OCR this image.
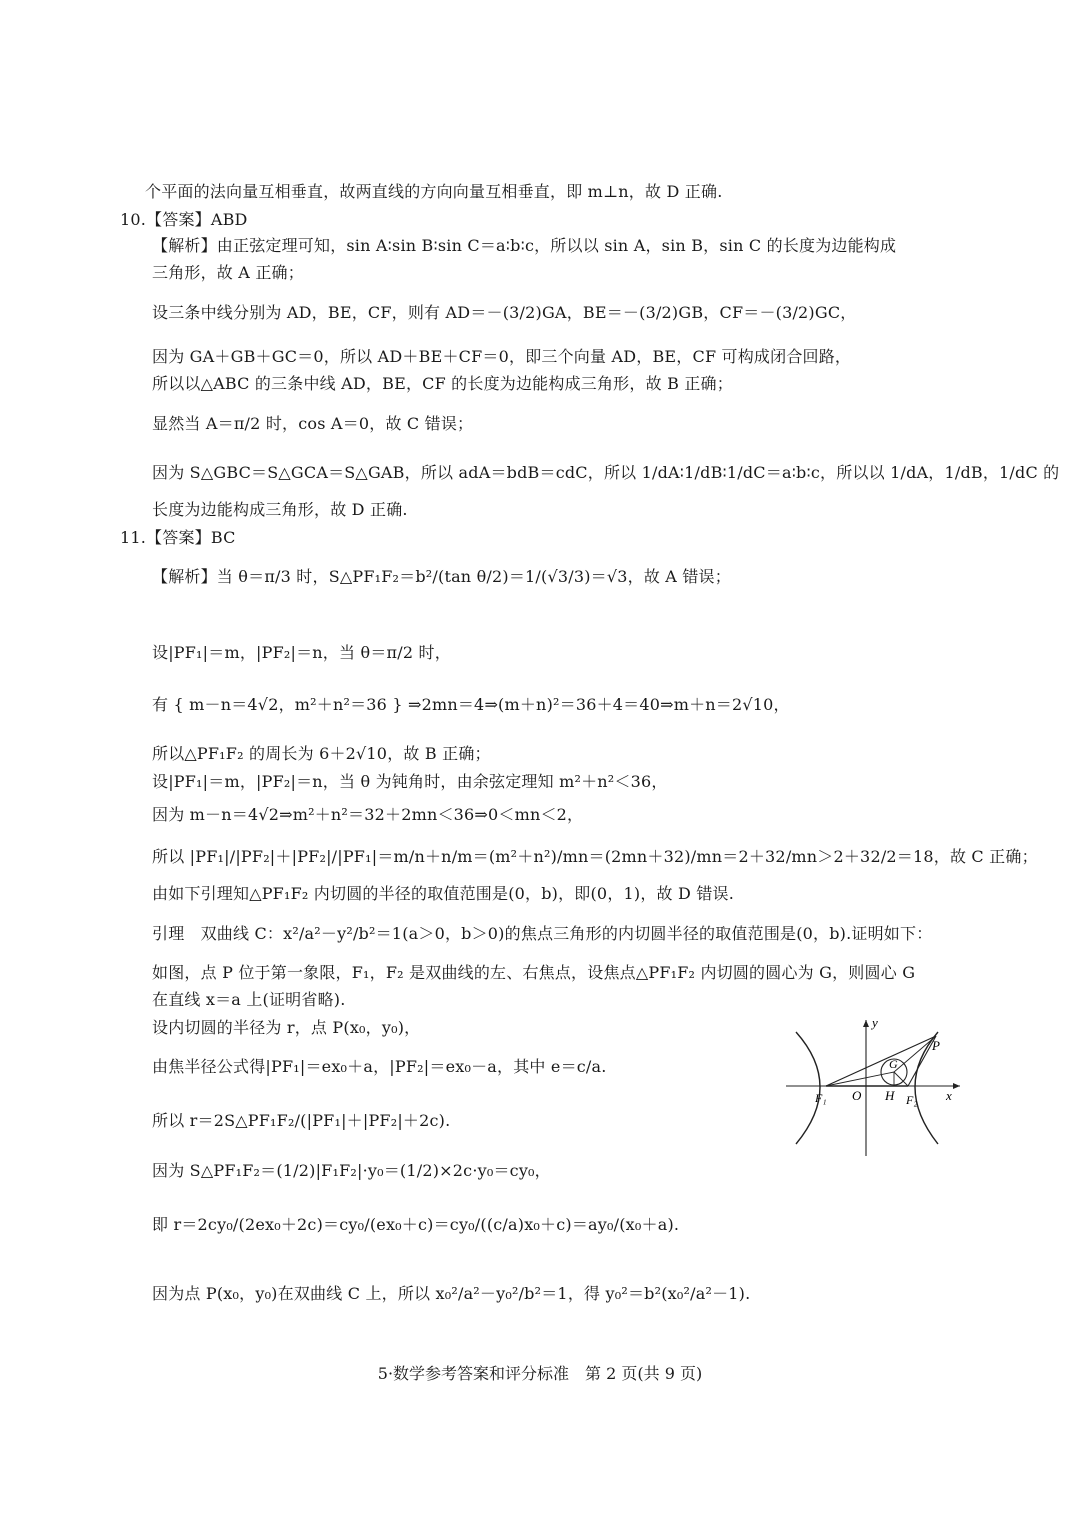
个平面的法向量互相垂直，故两直线的方向向量互相垂直，即 m⊥n，故 D 正确.
10.【答案】ABD
【解析】由正弦定理可知，sin A∶sin B∶sin C＝a∶b∶c，所以以 sin A，sin B，sin C 的长度为边能构成
三角形，故 A 正确；
设三条中线分别为 AD，BE，CF，则有 AD＝－(3/2)GA，BE＝－(3/2)GB，CF＝－(3/2)GC，
因为 GA＋GB＋GC＝0，所以 AD＋BE＋CF＝0，即三个向量 AD，BE，CF 可构成闭合回路，
所以以△ABC 的三条中线 AD，BE，CF 的长度为边能构成三角形，故 B 正确；
显然当 A＝π/2 时，cos A＝0，故 C 错误；
因为 S△GBC＝S△GCA＝S△GAB，所以 adA＝bdB＝cdC，所以 1/dA∶1/dB∶1/dC＝a∶b∶c，所以以 1/dA，1/dB，1/dC 的
长度为边能构成三角形，故 D 正确.
11.【答案】BC
【解析】当 θ＝π/3 时，S△PF₁F₂＝b²/(tan θ/2)＝1/(√3/3)＝√3，故 A 错误；
设|PF₁|＝m，|PF₂|＝n，当 θ＝π/2 时，
有 { m－n＝4√2，m²＋n²＝36 } ⇒2mn＝4⇒(m＋n)²＝36＋4＝40⇒m＋n＝2√10，
所以△PF₁F₂ 的周长为 6＋2√10，故 B 正确；
设|PF₁|＝m，|PF₂|＝n，当 θ 为钝角时，由余弦定理知 m²＋n²＜36，
因为 m－n＝4√2⇒m²＋n²＝32＋2mn＜36⇒0＜mn＜2，
所以 |PF₁|/|PF₂|＋|PF₂|/|PF₁|＝m/n＋n/m＝(m²＋n²)/mn＝(2mn＋32)/mn＝2＋32/mn＞2＋32/2＝18，故 C 正确；
由如下引理知△PF₁F₂ 内切圆的半径的取值范围是(0，b)，即(0，1)，故 D 错误.
引理　双曲线 C：x²/a²－y²/b²＝1(a＞0，b＞0)的焦点三角形的内切圆半径的取值范围是(0，b).证明如下：
如图，点 P 位于第一象限，F₁，F₂ 是双曲线的左、右焦点，设焦点△PF₁F₂ 内切圆的圆心为 G，则圆心 G
在直线 x＝a 上(证明省略).
设内切圆的半径为 r，点 P(x₀，y₀)，
由焦半径公式得|PF₁|＝ex₀＋a，|PF₂|＝ex₀－a，其中 e＝c/a.
所以 r＝2S△PF₁F₂/(|PF₁|＋|PF₂|＋2c).
因为 S△PF₁F₂＝(1/2)|F₁F₂|·y₀＝(1/2)×2c·y₀＝cy₀，
即 r＝2cy₀/(2ex₀＋2c)＝cy₀/(ex₀＋c)＝cy₀/((c/a)x₀＋c)＝ay₀/(x₀＋a).
因为点 P(x₀，y₀)在双曲线 C 上，所以 x₀²/a²－y₀²/b²＝1，得 y₀²＝b²(x₀²/a²－1).
y
x
P
G
O H
F₁	F₂
5·数学参考答案和评分标准　第 2 页(共 9 页)
